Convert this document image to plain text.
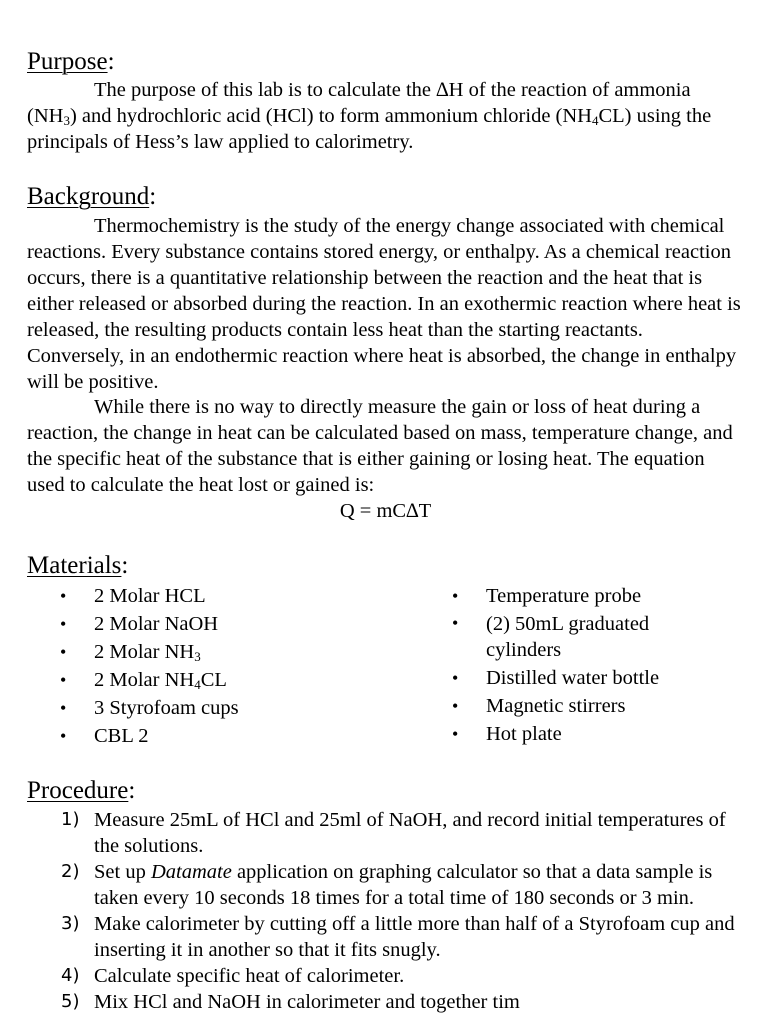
Purpose:
The purpose of this lab is to calculate the ∆H of the reaction of ammonia $(NH_3)$ and hydrochloric acid (HCl) to form ammonium chloride $(NH_4CL)$ using the principals of Hess’s law applied to calorimetry.
Background:
Thermochemistry is the study of the energy change associated with chemical reactions. Every substance contains stored energy, or enthalpy. As a chemical reaction occurs, there is a quantitative relationship between the reaction and the heat that is either released or absorbed during the reaction. In an exothermic reaction where heat is released, the resulting products contain less heat than the starting reactants. Conversely, in an endothermic reaction where heat is absorbed, the change in enthalpy will be positive.
While there is no way to directly measure the gain or loss of heat during a reaction, the change in heat can be calculated based on mass, temperature change, and the specific heat of the substance that is either gaining or losing heat. The equation used to calculate the heat lost or gained is:
Q = mC∆T
Materials:
• 2 Molar HCL
• 2 Molar NaOH
• 2 Molar $NH_3$
• 2 Molar $NH_4CL$
• 3 Styrofoam cups
• CBL 2
• Temperature probe
• (2) 50mL graduated cylinders
• Distilled water bottle
• Magnetic stirrers
• Hot plate
Procedure:
1) Measure 25mL of HCl and 25ml of NaOH, and record initial temperatures of the solutions.
2) Set up Datamate application on graphing calculator so that a data sample is taken every 10 seconds 18 times for a total time of 180 seconds or 3 min.
3) Make calorimeter by cutting off a little more than half of a Styrofoam cup and inserting it in another so that it fits snugly.
4) Calculate specific heat of calorimeter.
5) Mix HCl and NaOH in calorimeter and together tim
